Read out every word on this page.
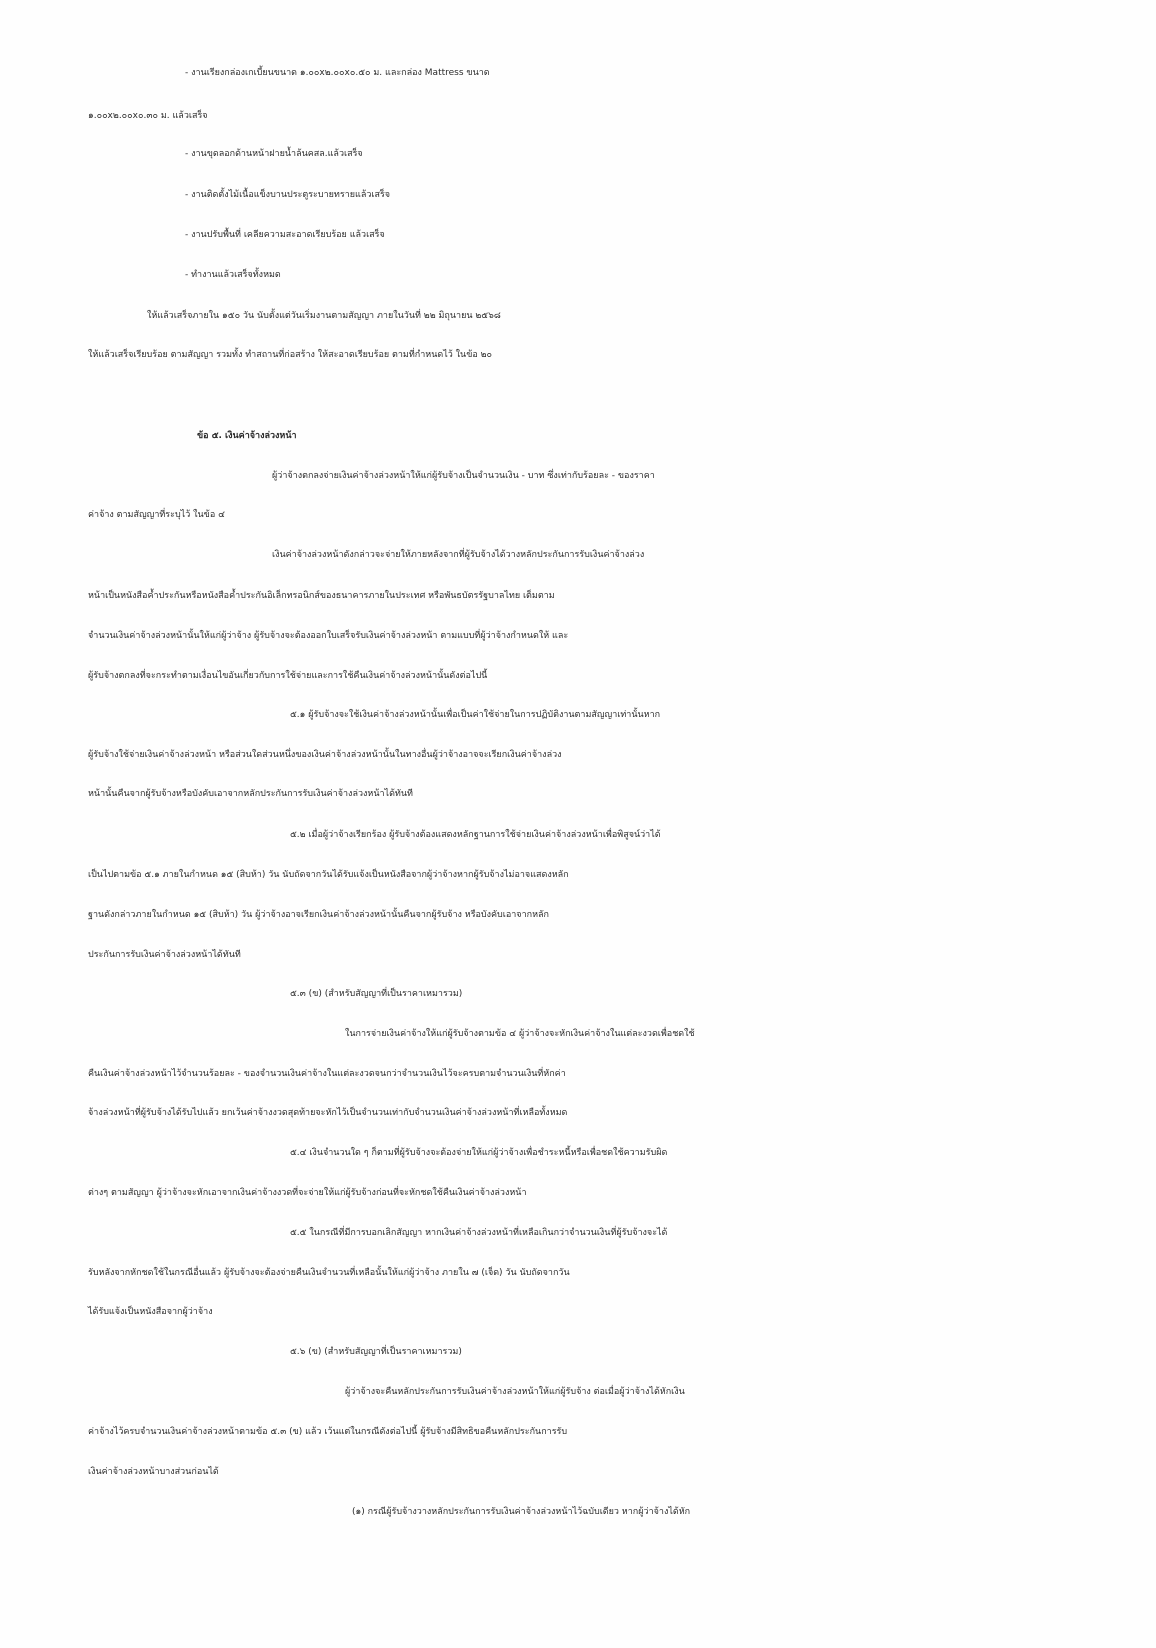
- งานเรียงกล่องเกเบี้ยนขนาด ๑.๐๐x๒.๐๐x๐.๕๐ ม. และกล่อง Mattress ขนาด
๑.๐๐x๒.๐๐x๐.๓๐ ม. แล้วเสร็จ
- งานขุดลอกด้านหน้าฝายน้ำล้นคสล.แล้วเสร็จ
- งานติดตั้งไม้เนื้อแข็งบานประตูระบายทรายแล้วเสร็จ
- งานปรับพื้นที่ เคลียความสะอาดเรียบร้อย แล้วเสร็จ
- ทำงานแล้วเสร็จทั้งหมด
ให้แล้วเสร็จภายใน ๑๕๐ วัน นับตั้งแต่วันเริ่มงานตามสัญญา ภายในวันที่ ๒๒ มิถุนายน ๒๕๖๘
ให้แล้วเสร็จเรียบร้อย ตามสัญญา รวมทั้ง ทำสถานที่ก่อสร้าง ให้สะอาดเรียบร้อย ตามที่กำหนดไว้ ในข้อ ๒๐
ข้อ ๕. เงินค่าจ้างล่วงหน้า
ผู้ว่าจ้างตกลงจ่ายเงินค่าจ้างล่วงหน้าให้แก่ผู้รับจ้างเป็นจำนวนเงิน - บาท ซึ่งเท่ากับร้อยละ - ของราคา
ค่าจ้าง ตามสัญญาที่ระบุไว้ ในข้อ ๔
เงินค่าจ้างล่วงหน้าดังกล่าวจะจ่ายให้ภายหลังจากที่ผู้รับจ้างได้วางหลักประกันการรับเงินค่าจ้างล่วง
หน้าเป็นหนังสือค้ำประกันหรือหนังสือค้ำประกันอิเล็กทรอนิกส์ของธนาคารภายในประเทศ หรือพันธบัตรรัฐบาลไทย เต็มตาม
จำนวนเงินค่าจ้างล่วงหน้านั้นให้แก่ผู้ว่าจ้าง ผู้รับจ้างจะต้องออกใบเสร็จรับเงินค่าจ้างล่วงหน้า ตามแบบที่ผู้ว่าจ้างกำหนดให้ และ
ผู้รับจ้างตกลงที่จะกระทำตามเงื่อนไขอันเกี่ยวกับการใช้จ่ายและการใช้คืนเงินค่าจ้างล่วงหน้านั้นดังต่อไปนี้
๕.๑ ผู้รับจ้างจะใช้เงินค่าจ้างล่วงหน้านั้นเพื่อเป็นค่าใช้จ่ายในการปฏิบัติงานตามสัญญาเท่านั้นหาก
ผู้รับจ้างใช้จ่ายเงินค่าจ้างล่วงหน้า หรือส่วนใดส่วนหนึ่งของเงินค่าจ้างล่วงหน้านั้นในทางอื่นผู้ว่าจ้างอาจจะเรียกเงินค่าจ้างล่วง
หน้านั้นคืนจากผู้รับจ้างหรือบังคับเอาจากหลักประกันการรับเงินค่าจ้างล่วงหน้าได้ทันที
๕.๒ เมื่อผู้ว่าจ้างเรียกร้อง ผู้รับจ้างต้องแสดงหลักฐานการใช้จ่ายเงินค่าจ้างล่วงหน้าเพื่อพิสูจน์ว่าได้
เป็นไปตามข้อ ๕.๑ ภายในกำหนด ๑๕ (สิบห้า) วัน นับถัดจากวันได้รับแจ้งเป็นหนังสือจากผู้ว่าจ้างหากผู้รับจ้างไม่อาจแสดงหลัก
ฐานดังกล่าวภายในกำหนด ๑๕ (สิบห้า) วัน ผู้ว่าจ้างอาจเรียกเงินค่าจ้างล่วงหน้านั้นคืนจากผู้รับจ้าง หรือบังคับเอาจากหลัก
ประกันการรับเงินค่าจ้างล่วงหน้าได้ทันที
๕.๓ (ข) (สำหรับสัญญาที่เป็นราคาเหมารวม)
ในการจ่ายเงินค่าจ้างให้แก่ผู้รับจ้างตามข้อ ๔ ผู้ว่าจ้างจะหักเงินค่าจ้างในแต่ละงวดเพื่อชดใช้
คืนเงินค่าจ้างล่วงหน้าไว้จำนวนร้อยละ - ของจำนวนเงินค่าจ้างในแต่ละงวดจนกว่าจำนวนเงินไว้จะครบตามจำนวนเงินที่หักค่า
จ้างล่วงหน้าที่ผู้รับจ้างได้รับไปแล้ว ยกเว้นค่าจ้างงวดสุดท้ายจะหักไว้เป็นจำนวนเท่ากับจำนวนเงินค่าจ้างล่วงหน้าที่เหลือทั้งหมด
๕.๔ เงินจำนวนใด ๆ ก็ตามที่ผู้รับจ้างจะต้องจ่ายให้แก่ผู้ว่าจ้างเพื่อชำระหนี้หรือเพื่อชดใช้ความรับผิด
ต่างๆ ตามสัญญา ผู้ว่าจ้างจะหักเอาจากเงินค่าจ้างงวดที่จะจ่ายให้แก่ผู้รับจ้างก่อนที่จะหักชดใช้คืนเงินค่าจ้างล่วงหน้า
๕.๕ ในกรณีที่มีการบอกเลิกสัญญา หากเงินค่าจ้างล่วงหน้าที่เหลือเกินกว่าจำนวนเงินที่ผู้รับจ้างจะได้
รับหลังจากหักชดใช้ในกรณีอื่นแล้ว ผู้รับจ้างจะต้องจ่ายคืนเงินจำนวนที่เหลือนั้นให้แก่ผู้ว่าจ้าง ภายใน ๗ (เจ็ด) วัน นับถัดจากวัน
ได้รับแจ้งเป็นหนังสือจากผู้ว่าจ้าง
๕.๖ (ข) (สำหรับสัญญาที่เป็นราคาเหมารวม)
ผู้ว่าจ้างจะคืนหลักประกันการรับเงินค่าจ้างล่วงหน้าให้แก่ผู้รับจ้าง ต่อเมื่อผู้ว่าจ้างได้หักเงิน
ค่าจ้างไว้ครบจำนวนเงินค่าจ้างล่วงหน้าตามข้อ ๕.๓ (ข) แล้ว เว้นแต่ในกรณีดังต่อไปนี้ ผู้รับจ้างมีสิทธิขอคืนหลักประกันการรับ
เงินค่าจ้างล่วงหน้าบางส่วนก่อนได้
(๑) กรณีผู้รับจ้างวางหลักประกันการรับเงินค่าจ้างล่วงหน้าไว้ฉบับเดียว หากผู้ว่าจ้างได้หัก
